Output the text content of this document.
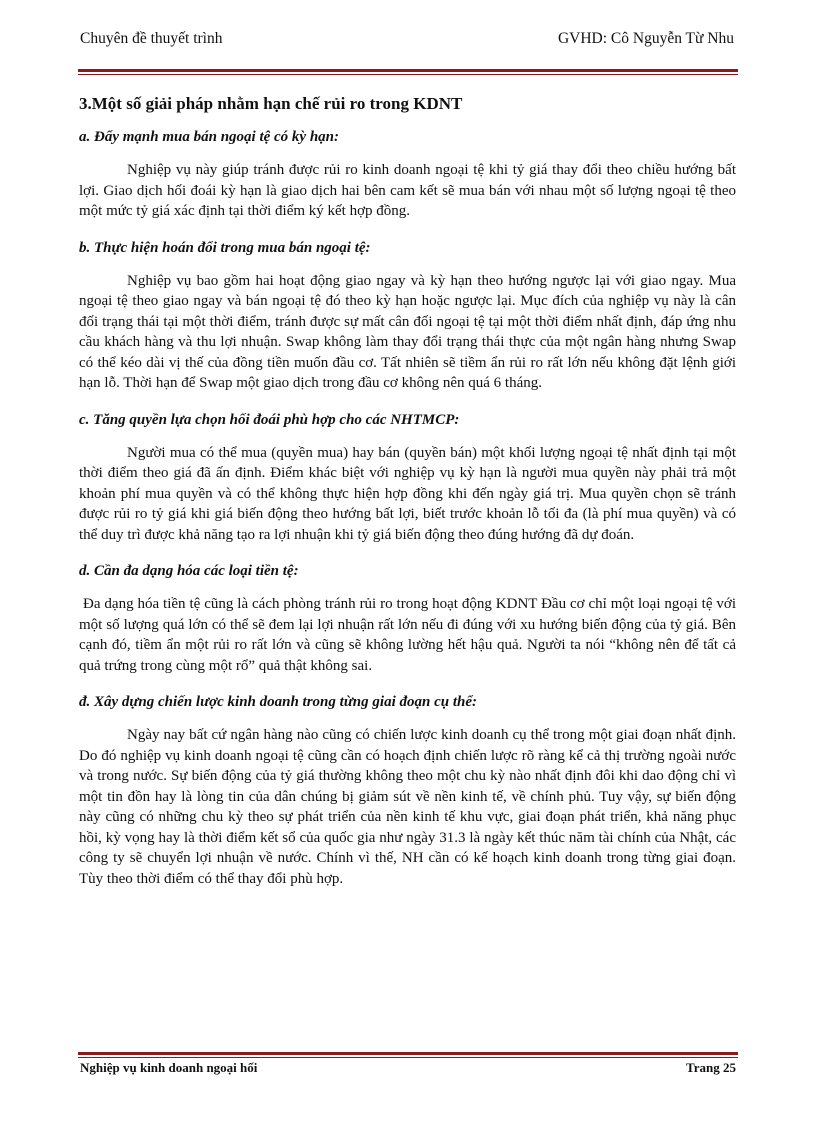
Chuyên đề thuyết trình	GVHD: Cô Nguyễn Từ Nhu
3.Một số giải pháp nhằm hạn chế rủi ro trong KDNT
a. Đẩy mạnh mua bán ngoại tệ có kỳ hạn:

Nghiệp vụ này giúp tránh được rủi ro kinh doanh ngoại tệ khi tỷ giá thay đổi theo chiều hướng bất lợi. Giao dịch hối đoái kỳ hạn là giao dịch hai bên cam kết sẽ mua bán với nhau một số lượng ngoại tệ theo một mức tỷ giá xác định tại thời điểm ký kết hợp đồng.

b. Thực hiện hoán đổi trong mua bán ngoại tệ:

Nghiệp vụ bao gồm hai hoạt động giao ngay và kỳ hạn theo hướng ngược lại với giao ngay. Mua ngoại tệ theo giao ngay và bán ngoại tệ đó theo kỳ hạn hoặc ngược lại. Mục đích của nghiệp vụ này là cân đối trạng thái tại một thời điểm, tránh được sự mất cân đối ngoại tệ tại một thời điểm nhất định, đáp ứng nhu cầu khách hàng và thu lợi nhuận. Swap không làm thay đổi trạng thái thực của một ngân hàng nhưng Swap có thể kéo dài vị thế của đồng tiền muốn đầu cơ. Tất nhiên sẽ tiềm ẩn rủi ro rất lớn nếu không đặt lệnh giới hạn lỗ. Thời hạn để Swap một giao dịch trong đầu cơ không nên quá 6 tháng.

c. Tăng quyền lựa chọn hối đoái phù hợp cho các NHTMCP:

Người mua có thể mua (quyền mua) hay bán (quyền bán) một khối lượng ngoại tệ nhất định tại một thời điểm theo giá đã ấn định. Điểm khác biệt với nghiệp vụ kỳ hạn là người mua quyền này phải trả một khoản phí mua quyền và có thể không thực hiện hợp đồng khi đến ngày giá trị. Mua quyền chọn sẽ tránh được rủi ro tỷ giá khi giá biến động theo hướng bất lợi, biết trước khoản lỗ tối đa (là phí mua quyền) và có thể duy trì được khả năng tạo ra lợi nhuận khi tỷ giá biến động theo đúng hướng đã dự đoán.

d. Cần đa dạng hóa các loại tiền tệ:

Đa dạng hóa tiền tệ cũng là cách phòng tránh rủi ro trong hoạt động KDNT Đầu cơ chỉ một loại ngoại tệ với một số lượng quá lớn có thể sẽ đem lại lợi nhuận rất lớn nếu đi đúng với xu hướng biến động của tỷ giá. Bên cạnh đó, tiềm ẩn một rủi ro rất lớn và cũng sẽ không lường hết hậu quả. Người ta nói “không nên để tất cả quả trứng trong cùng một rổ” quả thật không sai.

đ. Xây dựng chiến lược kinh doanh trong từng giai đoạn cụ thể:

Ngày nay bất cứ ngân hàng nào cũng có chiến lược kinh doanh cụ thể trong một giai đoạn nhất định. Do đó nghiệp vụ kinh doanh ngoại tệ cũng cần có hoạch định chiến lược rõ ràng kể cả thị trường ngoài nước và trong nước. Sự biến động của tỷ giá thường không theo một chu kỳ nào nhất định đôi khi dao động chỉ vì một tin đồn hay là lòng tin của dân chúng bị giảm sút về nền kinh tế, về chính phủ. Tuy vậy, sự biến động này cũng có những chu kỳ theo sự phát triển của nền kinh tế khu vực, giai đoạn phát triển, khả năng phục hồi, kỳ vọng hay là thời điểm kết sổ của quốc gia như ngày 31.3 là ngày kết thúc năm tài chính của Nhật, các công ty sẽ chuyển lợi nhuận về nước. Chính vì thế, NH cần có kế hoạch kinh doanh trong từng giai đoạn. Tùy theo thời điểm có thể thay đổi phù hợp.

Nghiệp vụ kinh doanh ngoại hối	Trang 25
